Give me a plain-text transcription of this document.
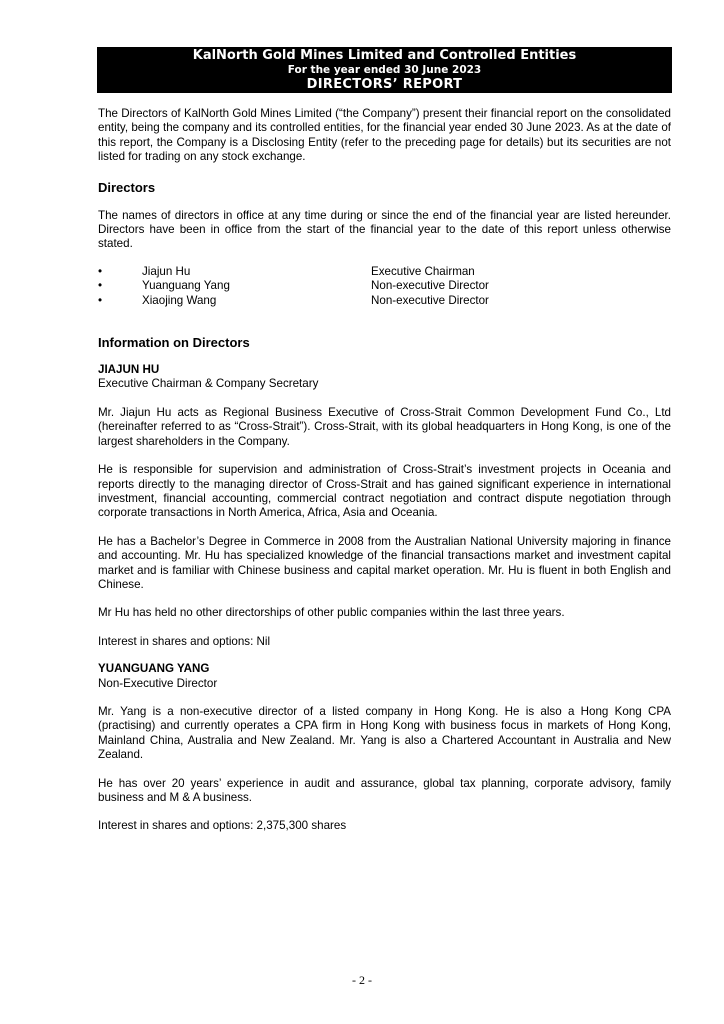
KalNorth Gold Mines Limited and Controlled Entities
For the year ended 30 June 2023
DIRECTORS’ REPORT

The Directors of KalNorth Gold Mines Limited (“the Company”) present their financial report on the consolidated entity, being the company and its controlled entities, for the financial year ended 30 June 2023. As at the date of this report, the Company is a Disclosing Entity (refer to the preceding page for details) but its securities are not listed for trading on any stock exchange.

Directors

The names of directors in office at any time during or since the end of the financial year are listed hereunder. Directors have been in office from the start of the financial year to the date of this report unless otherwise stated.

•	Jiajun Hu	Executive Chairman
•	Yuanguang Yang	Non-executive Director
•	Xiaojing Wang	Non-executive Director
Information on Directors
JIAJUN HU
Executive Chairman & Company Secretary

Mr. Jiajun Hu acts as Regional Business Executive of Cross-Strait Common Development Fund Co., Ltd (hereinafter referred to as “Cross-Strait”). Cross-Strait, with its global headquarters in Hong Kong, is one of the largest shareholders in the Company.

He is responsible for supervision and administration of Cross-Strait’s investment projects in Oceania and reports directly to the managing director of Cross-Strait and has gained significant experience in international investment, financial accounting, commercial contract negotiation and contract dispute negotiation through corporate transactions in North America, Africa, Asia and Oceania.

He has a Bachelor’s Degree in Commerce in 2008 from the Australian National University majoring in finance and accounting. Mr. Hu has specialized knowledge of the financial transactions market and investment capital market and is familiar with Chinese business and capital market operation. Mr. Hu is fluent in both English and Chinese.

Mr Hu has held no other directorships of other public companies within the last three years.

Interest in shares and options: Nil

YUANGUANG YANG
Non-Executive Director

Mr. Yang is a non-executive director of a listed company in Hong Kong. He is also a Hong Kong CPA (practising) and currently operates a CPA firm in Hong Kong with business focus in markets of Hong Kong, Mainland China, Australia and New Zealand. Mr. Yang is also a Chartered Accountant in Australia and New Zealand.

He has over 20 years’ experience in audit and assurance, global tax planning, corporate advisory, family business and M & A business.

Interest in shares and options: 2,375,300 shares

- 2 -
